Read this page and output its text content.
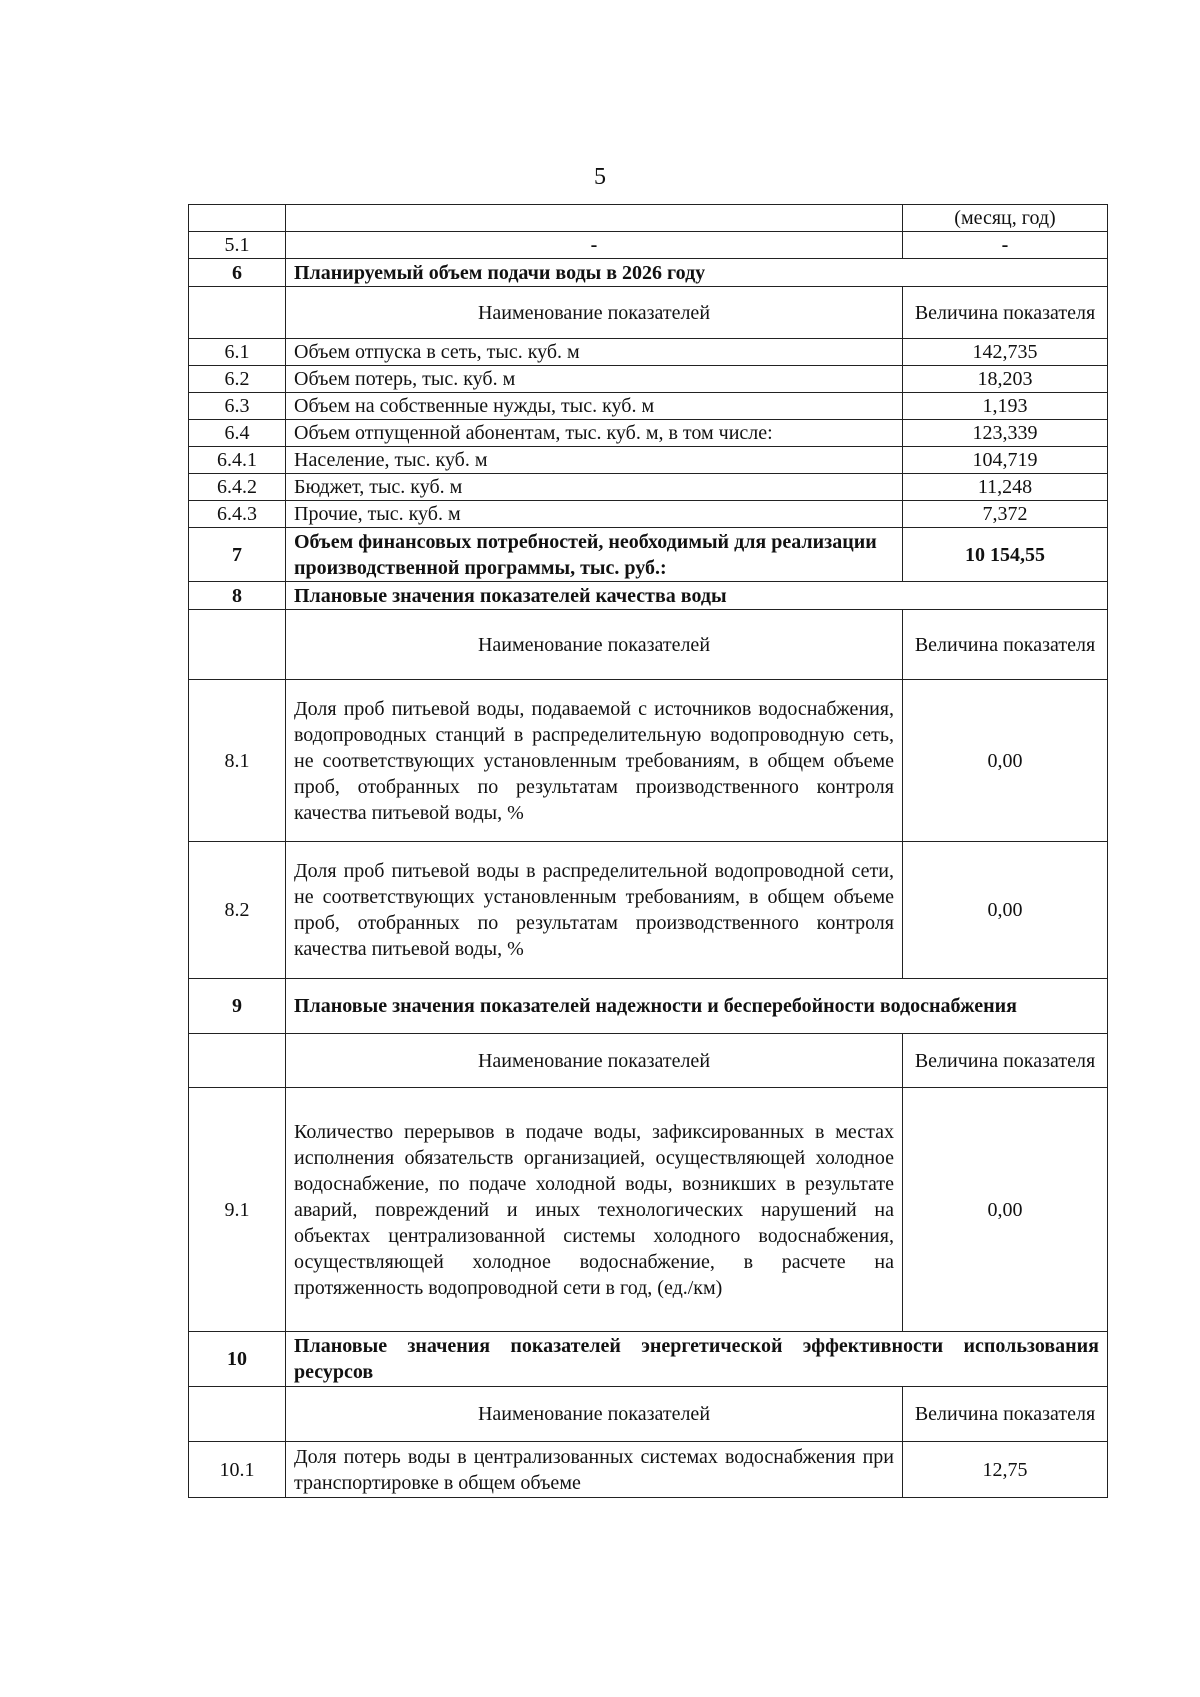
5
		(месяц, год)
5.1	-	-
6	Планируемый объем подачи воды в 2026 году	
	Наименование показателей	Величина показателя
6.1	Объем отпуска в сеть, тыс. куб. м	142,735
6.2	Объем потерь, тыс. куб. м	18,203
6.3	Объем на собственные нужды, тыс. куб. м	1,193
6.4	Объем отпущенной абонентам, тыс. куб. м, в том числе:	123,339
6.4.1	Население, тыс. куб. м	104,719
6.4.2	Бюджет, тыс. куб. м	11,248
6.4.3	Прочие, тыс. куб. м	7,372
7	Объем финансовых потребностей, необходимый для реализации производственной программы, тыс. руб.:	10 154,55
8	Плановые значения показателей качества воды	
	Наименование показателей	Величина показателя
8.1	Доля проб питьевой воды, подаваемой с источников водоснабжения, водопроводных станций в распределительную водопроводную сеть, не соответствующих установленным требованиям, в общем объеме проб, отобранных по результатам производственного контроля качества питьевой воды, %	0,00
8.2	Доля проб питьевой воды в распределительной водопроводной сети, не соответствующих установленным требованиям, в общем объеме проб, отобранных по результатам производственного контроля качества питьевой воды, %	0,00
9	Плановые значения показателей надежности и бесперебойности водоснабжения	
	Наименование показателей	Величина показателя
9.1	Количество перерывов в подаче воды, зафиксированных в местах исполнения обязательств организацией, осуществляющей холодное водоснабжение, по подаче холодной воды, возникших в результате аварий, повреждений и иных технологических нарушений на объектах централизованной системы холодного водоснабжения, осуществляющей холодное водоснабжение, в расчете на протяженность водопроводной сети в год, (ед./км)	0,00
10	Плановые значения показателей энергетической эффективности использования ресурсов	
	Наименование показателей	Величина показателя
10.1	Доля потерь воды в централизованных системах водоснабжения при транспортировке в общем объеме	12,75
